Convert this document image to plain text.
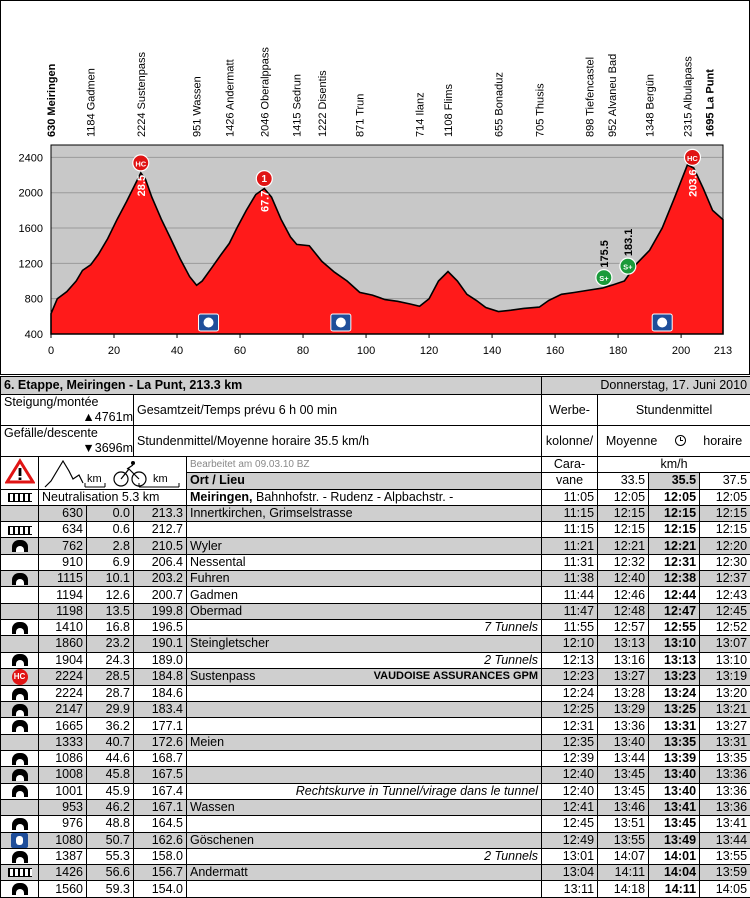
400
800
1200
1600
2000
2400
0	20	40	60	80	100	120	140	160	180	200 213
630 Meiringen	1184 Gadmen	2224 Sustenpass	951 Wassen 1426 Andermatt 2046 Oberalppass 1415 Sedrun 1222 Disentis 871 Trun	714 Ilanz 1108 Flims	655 Bonaduz	705 Thusis	898 Tiefencastel 952 Alvaneu Bad 1348 Bergün 2315 Albulapass 1695 La Punt
HC
28.5	1
67.7
HC
203.6
S+
175.5 S+
183.1
6. Etappe, Meiringen - La Punt, 213.3 km					Donnerstag, 17. Juni 2010			
Steigung/montée
▲4761m			Gesamtzeit/Temps prévu 6 h 00 min		Werbe-	Stundenmittel		
Gefälle/descente
▼3696m			Stundenmittel/Moyenne horaire 35.5 km/h		kolonne/	Moyenne horaire		

km km			Bearbeitet am 09.03.10 BZ	Cara-	km/h		
				Ort / Lieu	vane	33.5	35.5	37.5
	Neutralisation 5.3 km			Meiringen, Bahnhofstr. - Rudenz - Alpbachstr. -	11:05	12:05	12:05	12:05
	630	0.0	213.3	Innertkirchen, Grimselstrasse	11:15	12:15	12:15	12:15
	634	0.6	212.7		11:15	12:15	12:15	12:15

	762	2.8	210.5	Wyler	11:21	12:21	12:21	12:20
	910	6.9	206.4	Nessental	11:31	12:32	12:31	12:30

	1115	10.1	203.2	Fuhren	11:38	12:40	12:38	12:37
	1194	12.6	200.7	Gadmen	11:44	12:46	12:44	12:43
	1198	13.5	199.8	Obermad	11:47	12:48	12:47	12:45

	1410	16.8	196.5	7 Tunnels	11:55	12:57	12:55	12:52
	1860	23.2	190.1	Steingletscher	12:10	13:13	13:10	13:07

	1904	24.3	189.0	2 Tunnels	12:13	13:16	13:13	13:10
HC	2224	28.5	184.8	Sustenpass VAUDOISE ASSURANCES GPM	12:23	13:27	13:23	13:19

	2224	28.7	184.6		12:24	13:28	13:24	13:20

	2147	29.9	183.4		12:25	13:29	13:25	13:21

	1665	36.2	177.1		12:31	13:36	13:31	13:27
	1333	40.7	172.6	Meien	12:35	13:40	13:35	13:31

	1086	44.6	168.7		12:39	13:44	13:39	13:35

	1008	45.8	167.5		12:40	13:45	13:40	13:36

	1001	45.9	167.4	Rechtskurve in Tunnel/virage dans le tunnel	12:40	13:45	13:40	13:36
	953	46.2	167.1	Wassen	12:41	13:46	13:41	13:36

	976	48.8	164.5		12:45	13:51	13:45	13:41

	1080	50.7	162.6	Göschenen	12:49	13:55	13:49	13:44

	1387	55.3	158.0	2 Tunnels	13:01	14:07	14:01	13:55
	1426	56.6	156.7	Andermatt	13:04	14:11	14:04	13:59

	1560	59.3	154.0		13:11	14:18	14:11	14:05
